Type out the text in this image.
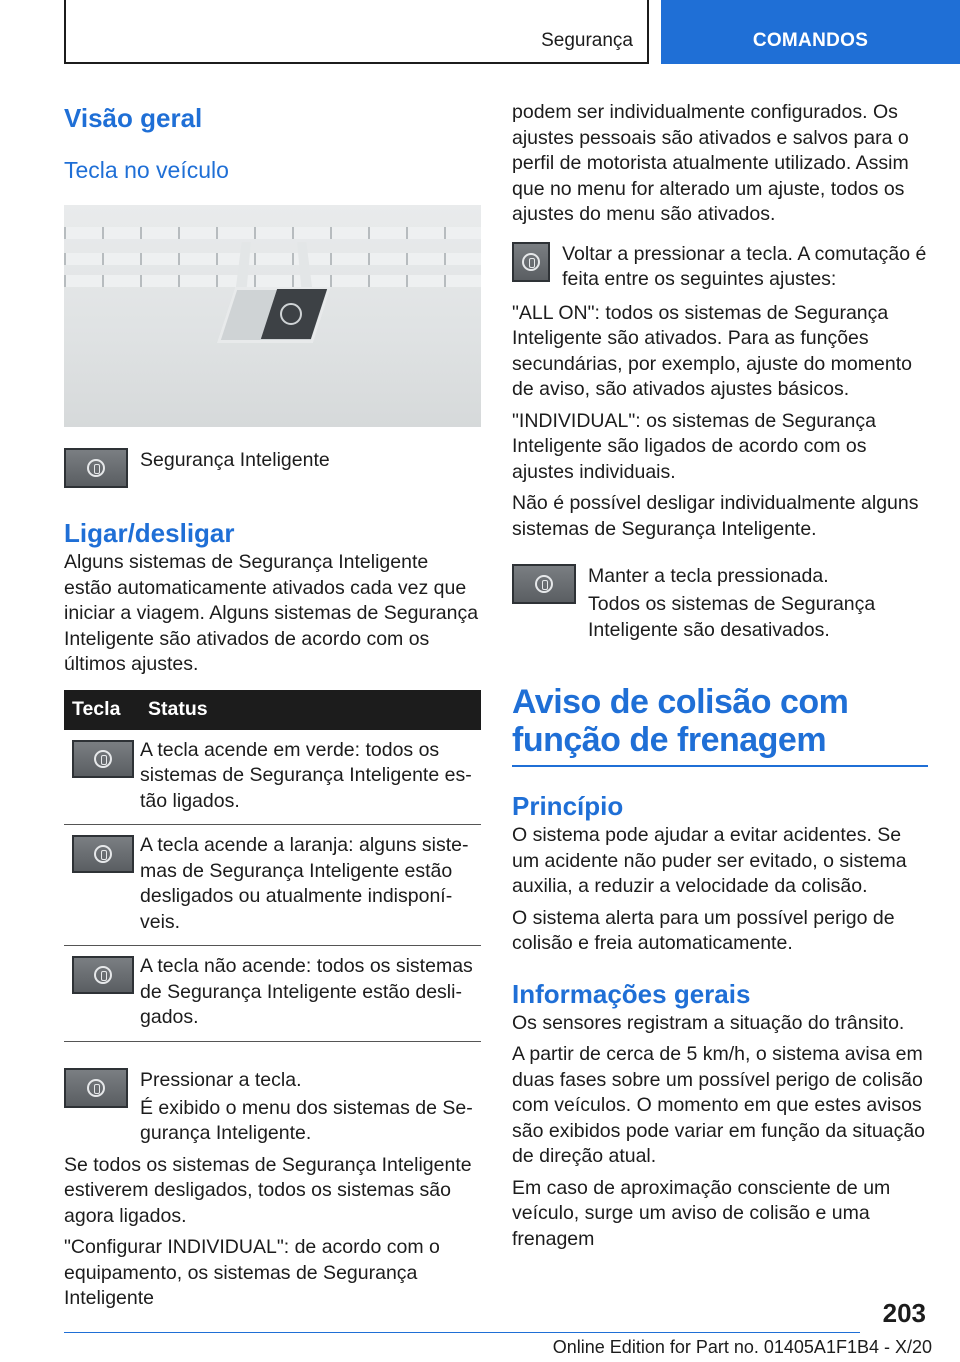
Segurança	COMANDOS
Visão geral
Tecla no veículo
Segurança Inteligente
Ligar/desligar
Alguns sistemas de Segurança Inteligente estão automaticamente ativados cada vez que iniciar a viagem. Alguns sistemas de Segurança Inteligente são ativados de acordo com os últimos ajustes.
Tecla	Status

	A tecla acende em verde: todos os sistemas de Segurança Inteligente estão ligados.

	A tecla acende a laranja: alguns sistemas de Segurança Inteligente estão desligados ou atualmente indisponíveis.

	A tecla não acende: todos os sistemas de Segurança Inteligente estão desligados.
Pressionar a tecla.
É exibido o menu dos sistemas de Segurança Inteligente.
Se todos os sistemas de Segurança Inteligente estiverem desligados, todos os sistemas são agora ligados.
"Configurar INDIVIDUAL": de acordo com o equipamento, os sistemas de Segurança Inteligente
podem ser individualmente configurados. Os ajustes pessoais são ativados e salvos para o perfil de motorista atualmente utilizado. Assim que no menu for alterado um ajuste, todos os ajustes do menu são ativados.
Voltar a pressionar a tecla. A comutação é feita entre os seguintes ajustes:
"ALL ON": todos os sistemas de Segurança Inteligente são ativados. Para as funções secundárias, por exemplo, ajuste do momento de aviso, são ativados ajustes básicos.
"INDIVIDUAL": os sistemas de Segurança Inteligente são ligados de acordo com os ajustes individuais.
Não é possível desligar individualmente alguns sistemas de Segurança Inteligente.
Manter a tecla pressionada.
Todos os sistemas de Segurança Inteligente são desativados.
Aviso de colisão com função de frenagem
Princípio
O sistema pode ajudar a evitar acidentes. Se um acidente não puder ser evitado, o sistema auxilia, a reduzir a velocidade da colisão.
O sistema alerta para um possível perigo de colisão e freia automaticamente.
Informações gerais
Os sensores registram a situação do trânsito.
A partir de cerca de 5 km/h, o sistema avisa em duas fases sobre um possível perigo de colisão com veículos. O momento em que estes avisos são exibidos pode variar em função da situação de direção atual.
Em caso de aproximação consciente de um veículo, surge um aviso de colisão e uma frenagem
203
Online Edition for Part no. 01405A1F1B4 - X/20
